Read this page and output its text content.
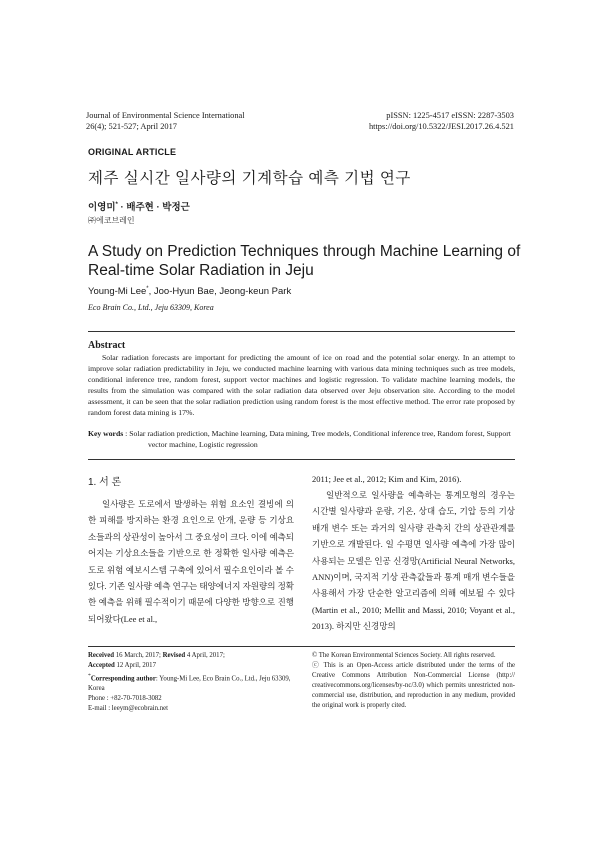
Journal of Environmental Science International
26(4); 521-527; April 2017
pISSN: 1225-4517 eISSN: 2287-3503
https://doi.org/10.5322/JESI.2017.26.4.521
ORIGINAL ARTICLE
제주 실시간 일사량의 기계학습 예측 기법 연구
이영미* · 배주현 · 박정근
㈜에코브레인
A Study on Prediction Techniques through Machine Learning of Real-time Solar Radiation in Jeju
Young-Mi Lee*, Joo-Hyun Bae, Jeong-keun Park
Eco Brain Co., Ltd., Jeju 63309, Korea
Abstract

Solar radiation forecasts are important for predicting the amount of ice on road and the potential solar energy. In an attempt to improve solar radiation predictability in Jeju, we conducted machine learning with various data mining techniques such as tree models, conditional inference tree, random forest, support vector machines and logistic regression. To validate machine learning models, the results from the simulation was compared with the solar radiation data observed over Jeju observation site. According to the model assessment, it can be seen that the solar radiation prediction using random forest is the most effective method. The error rate proposed by random forest data mining is 17%.

Key words : Solar radiation prediction, Machine learning, Data mining, Tree models, Conditional inference tree, Random forest, Support vector machine, Logistic regression
1. 서 론

일사량은 도로에서 발생하는 위험 요소인 결빙에 의한 피해를 방지하는 환경 요인으로 안개, 운량 등 기상요소들과의 상관성이 높아서 그 중요성이 크다. 이에 예측되어지는 기상요소들을 기반으로 한 정확한 일사량 예측은 도로 위험 예보시스템 구축에 있어서 필수요인이라 볼 수 있다. 기존 일사량 예측 연구는 태양에너지 자원량의 정확한 예측을 위해 필수적이기 때문에 다양한 방향으로 진행되어왔다(Lee et al.,

2011; Jee et al., 2012; Kim and Kim, 2016).

일반적으로 일사량을 예측하는 통계모형의 경우는 시간별 일사량과 운량, 기온, 상대 습도, 기압 등의 기상 배개 변수 또는 과거의 일사량 관측치 간의 상관관계를 기반으로 개발된다. 일 수평면 일사량 예측에 가장 많이 사용되는 모델은 인공 신경망(Artificial Neural Networks, ANN)이며, 국지적 기상 관측값들과 통계 매개 변수들을 사용해서 가장 단순한 알고리즘에 의해 예보될 수 있다(Martin et al., 2010; Mellit and Massi, 2010; Voyant et al., 2013). 하지만 신경망의

Received 16 March, 2017; Revised 4 April, 2017;
Accepted 12 April, 2017
*Corresponding author: Young-Mi Lee, Eco Brain Co., Ltd., Jeju 63309, Korea
Phone : +82-70-7018-3082
E-mail : leeym@ecobrain.net
© The Korean Environmental Sciences Society. All rights reserved.
ⓒ This is an Open-Access article distributed under the terms of the Creative Commons Attribution Non-Commercial License (http:// creativecommons.org/licenses/by-nc/3.0) which permits unrestricted non-commercial use, distribution, and reproduction in any medium, provided the original work is properly cited.
